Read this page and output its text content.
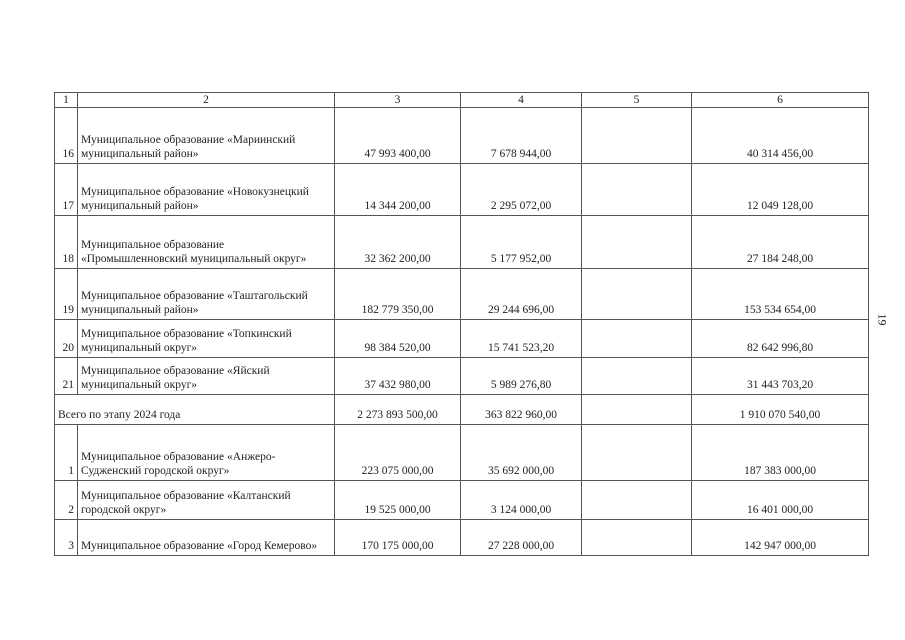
1	2	3	4	5	6
16	Муниципальное образование «Мариинский муниципальный район»	47 993 400,00	7 678 944,00		40 314 456,00
17	Муниципальное образование «Новокузнецкий муниципальный район»	14 344 200,00	2 295 072,00		12 049 128,00
18	Муниципальное образование «Промышленновский муниципальный округ»	32 362 200,00	5 177 952,00		27 184 248,00
19	Муниципальное образование «Таштагольский муниципальный район»	182 779 350,00	29 244 696,00		153 534 654,00
20	Муниципальное образование «Топкинский муниципальный округ»	98 384 520,00	15 741 523,20		82 642 996,80
21	Муниципальное образование «Яйский муниципальный округ»	37 432 980,00	5 989 276,80		31 443 703,20
Всего по этапу 2024 года		2 273 893 500,00	363 822 960,00		1 910 070 540,00
1	Муниципальное образование «Анжеро-Судженский городской округ»	223 075 000,00	35 692 000,00		187 383 000,00
2	Муниципальное образование «Калтанский городской округ»	19 525 000,00	3 124 000,00		16 401 000,00
3	Муниципальное образование «Город Кемерово»	170 175 000,00	27 228 000,00		142 947 000,00
19
